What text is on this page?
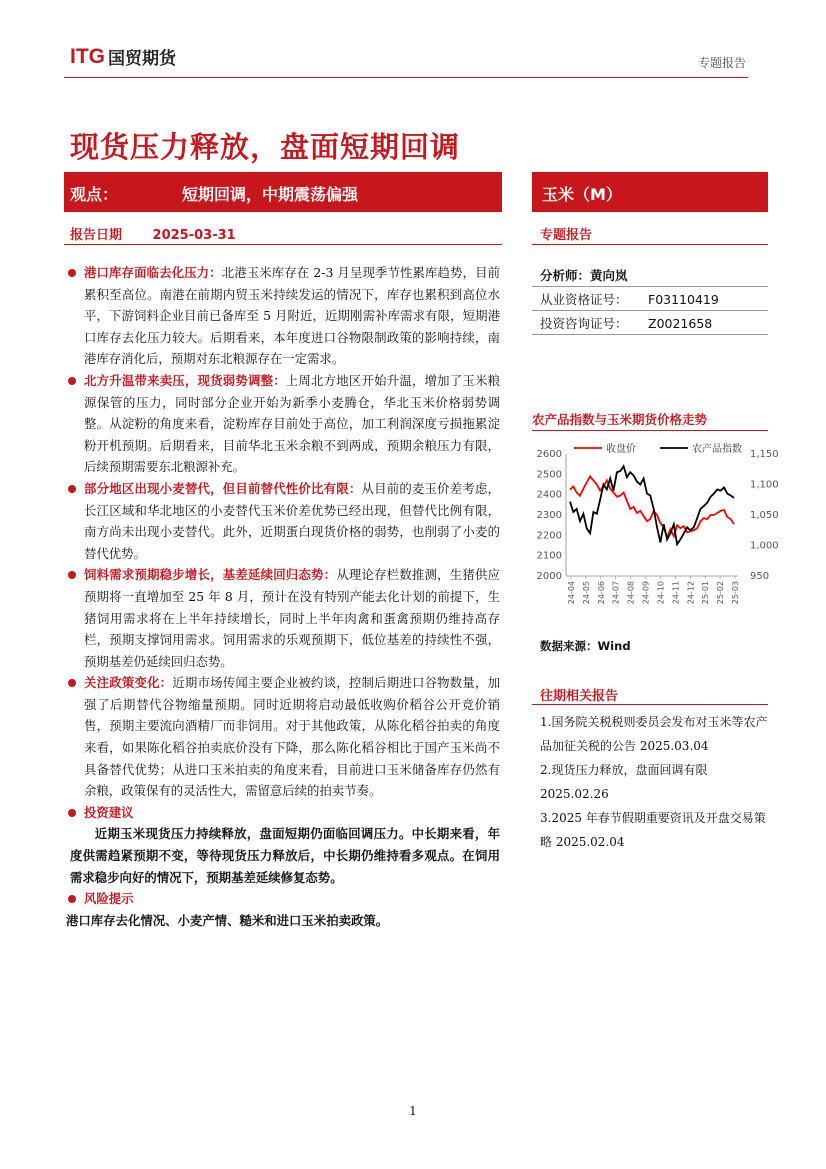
ITG 国贸期货	专题报告
现货压力释放，盘面短期回调
观点：	短期回调，中期震荡偏强	玉米（M）
报告日期 2025-03-31	专题报告
港口库存面临去化压力：北港玉米库存在 2-3 月呈现季节性累库趋势，目前累积至高位。南港在前期内贸玉米持续发运的情况下，库存也累积到高位水平，下游饲料企业目前已备库至 5 月附近，近期刚需补库需求有限，短期港口库存去化压力较大。后期看来，本年度进口谷物限制政策的影响持续，南港库存消化后，预期对东北粮源存在一定需求。
北方升温带来卖压，现货弱势调整：上周北方地区开始升温，增加了玉米粮源保管的压力，同时部分企业开始为新季小麦腾仓，华北玉米价格弱势调整。从淀粉的角度来看，淀粉库存目前处于高位，加工利润深度亏损拖累淀粉开机预期。后期看来，目前华北玉米余粮不到两成，预期余粮压力有限，后续预期需要东北粮源补充。
部分地区出现小麦替代，但目前替代性价比有限：从目前的麦玉价差考虑，长江区域和华北地区的小麦替代玉米价差优势已经出现，但替代比例有限，南方尚未出现小麦替代。此外，近期蛋白现货价格的弱势，也削弱了小麦的替代优势。
饲料需求预期稳步增长，基差延续回归态势：从理论存栏数推测，生猪供应预期将一直增加至 25 年 8 月，预计在没有特别产能去化计划的前提下，生猪饲用需求将在上半年持续增长，同时上半年肉禽和蛋禽预期仍维持高存栏，预期支撑饲用需求。饲用需求的乐观预期下，低位基差的持续性不强，预期基差仍延续回归态势。
关注政策变化：近期市场传闻主要企业被约谈，控制后期进口谷物数量，加强了后期替代谷物缩量预期。同时近期将启动最低收购价稻谷公开竞价销售，预期主要流向酒精厂而非饲用。对于其他政策，从陈化稻谷拍卖的角度来看，如果陈化稻谷拍卖底价没有下降，那么陈化稻谷相比于国产玉米尚不具备替代优势；从进口玉米拍卖的角度来看，目前进口玉米储备库存仍然有余粮，政策保有的灵活性大，需留意后续的拍卖节奏。
投资建议
近期玉米现货压力持续释放，盘面短期仍面临回调压力。中长期来看，年度供需趋紧预期不变，等待现货压力释放后，中长期仍维持看多观点。在饲用需求稳步向好的情况下，预期基差延续修复态势。
风险提示
港口库存去化情况、小麦产情、糙米和进口玉米拍卖政策。
分析师：黄向岚
从业资格证号： F03110419
投资咨询证号： Z0021658
农产品指数与玉米期货价格走势
2000
2100
2200
2300
2400
2500
2600
950
1,000
1,050
1,100
1,150
24-04 24-05 24-06 24-07 24-08 24-09 24-10 24-11 24-12 25-01 25-02 25-03
收盘价	农产品指数
数据来源：Wind
往期相关报告
1.国务院关税税则委员会发布对玉米等农产品加征关税的公告 2025.03.04
2.现货压力释放，盘面回调有限 2025.02.26
3.2025 年春节假期重要资讯及开盘交易策略 2025.02.04
1
